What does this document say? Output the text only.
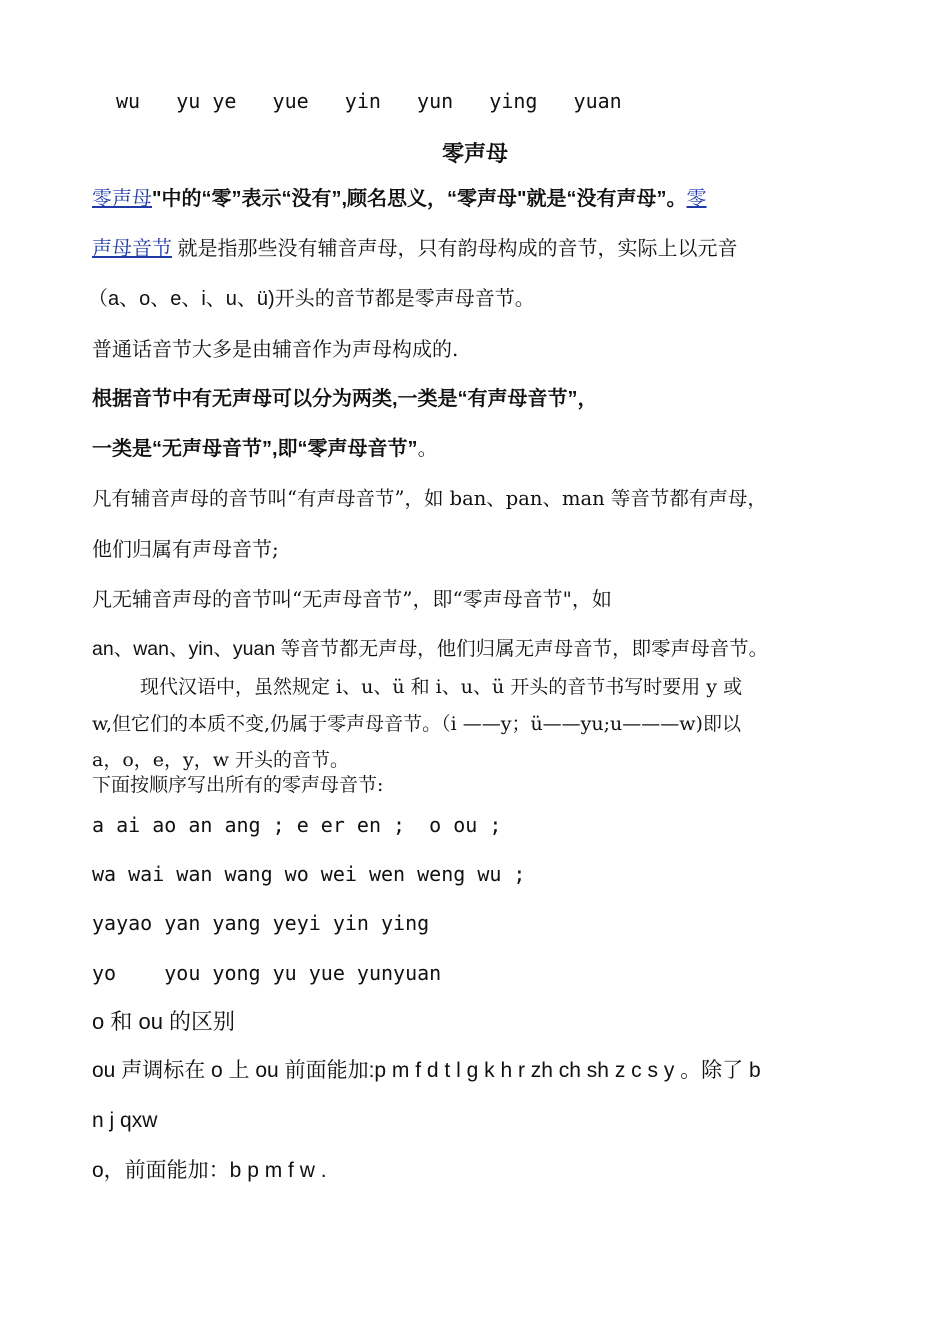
wu   yu ye   yue   yin   yun   ying   yuan
零声母
零声母"中的“零”表示“没有”,顾名思义，“零声母"就是“没有声母”。零
声母音节 就是指那些没有辅音声母，只有韵母构成的音节，实际上以元音
（a、o、e、i、u、ü)开头的音节都是零声母音节。
普通话音节大多是由辅音作为声母构成的.
根据音节中有无声母可以分为两类,一类是“有声母音节”，
一类是“无声母音节”,即“零声母音节”。
凡有辅音声母的音节叫“有声母音节”，如 ban、pan、man 等音节都有声母，
他们归属有声母音节;
凡无辅音声母的音节叫“无声母音节”，即“零声母音节"，如
an、wan、yin、yuan 等音节都无声母，他们归属无声母音节，即零声母音节。
现代汉语中，虽然规定 i、u、ü 和 i、u、ü 开头的音节书写时要用 y 或
w,但它们的本质不变,仍属于零声母音节。（i ——y；ü——yu;u———w)即以
a，o，e，y，w 开头的音节。
下面按顺序写出所有的零声母音节:
a ai ao an ang ; e er en ;  o ou ;
wa wai wan wang wo wei wen weng wu ;
yayao yan yang yeyi yin ying
yo    you yong yu yue yunyuan
o 和 ou 的区别
ou 声调标在 o 上 ou 前面能加:p m f d t l g k h r zh ch sh z c s y 。除了 b
n j qxw
o，前面能加：b p m f w .
